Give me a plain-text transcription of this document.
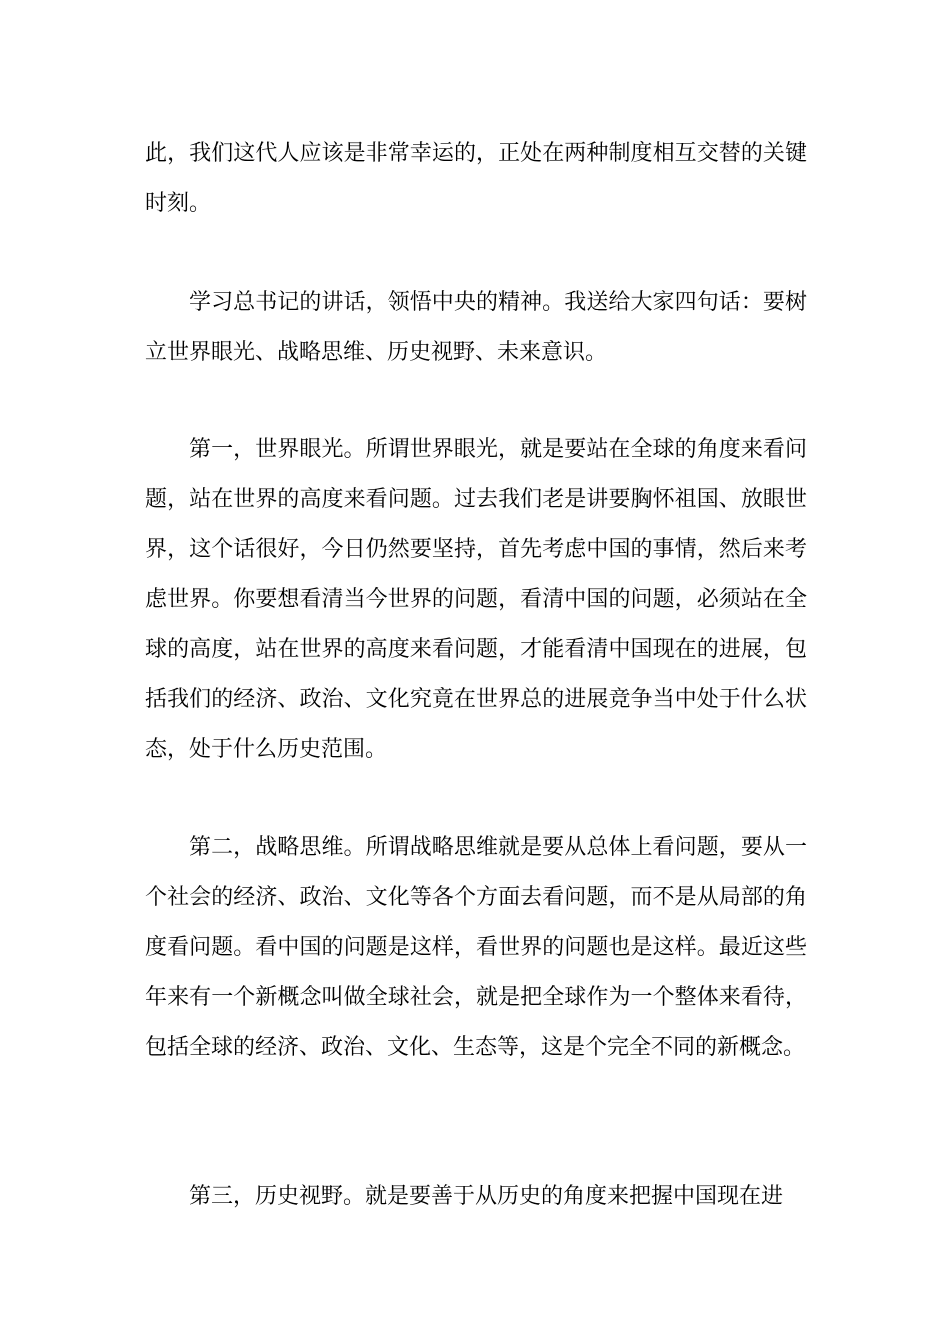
此，我们这代人应该是非常幸运的，正处在两种制度相互交替的关键时刻。

学习总书记的讲话，领悟中央的精神。我送给大家四句话：要树立世界眼光、战略思维、历史视野、未来意识。

第一，世界眼光。所谓世界眼光，就是要站在全球的角度来看问题，站在世界的高度来看问题。过去我们老是讲要胸怀祖国、放眼世界，这个话很好，今日仍然要坚持，首先考虑中国的事情，然后来考虑世界。你要想看清当今世界的问题，看清中国的问题，必须站在全球的高度，站在世界的高度来看问题，才能看清中国现在的进展，包括我们的经济、政治、文化究竟在世界总的进展竞争当中处于什么状态，处于什么历史范围。

第二，战略思维。所谓战略思维就是要从总体上看问题，要从一个社会的经济、政治、文化等各个方面去看问题，而不是从局部的角度看问题。看中国的问题是这样，看世界的问题也是这样。最近这些年来有一个新概念叫做全球社会，就是把全球作为一个整体来看待，包括全球的经济、政治、文化、生态等，这是个完全不同的新概念。

第三，历史视野。就是要善于从历史的角度来把握中国现在进
